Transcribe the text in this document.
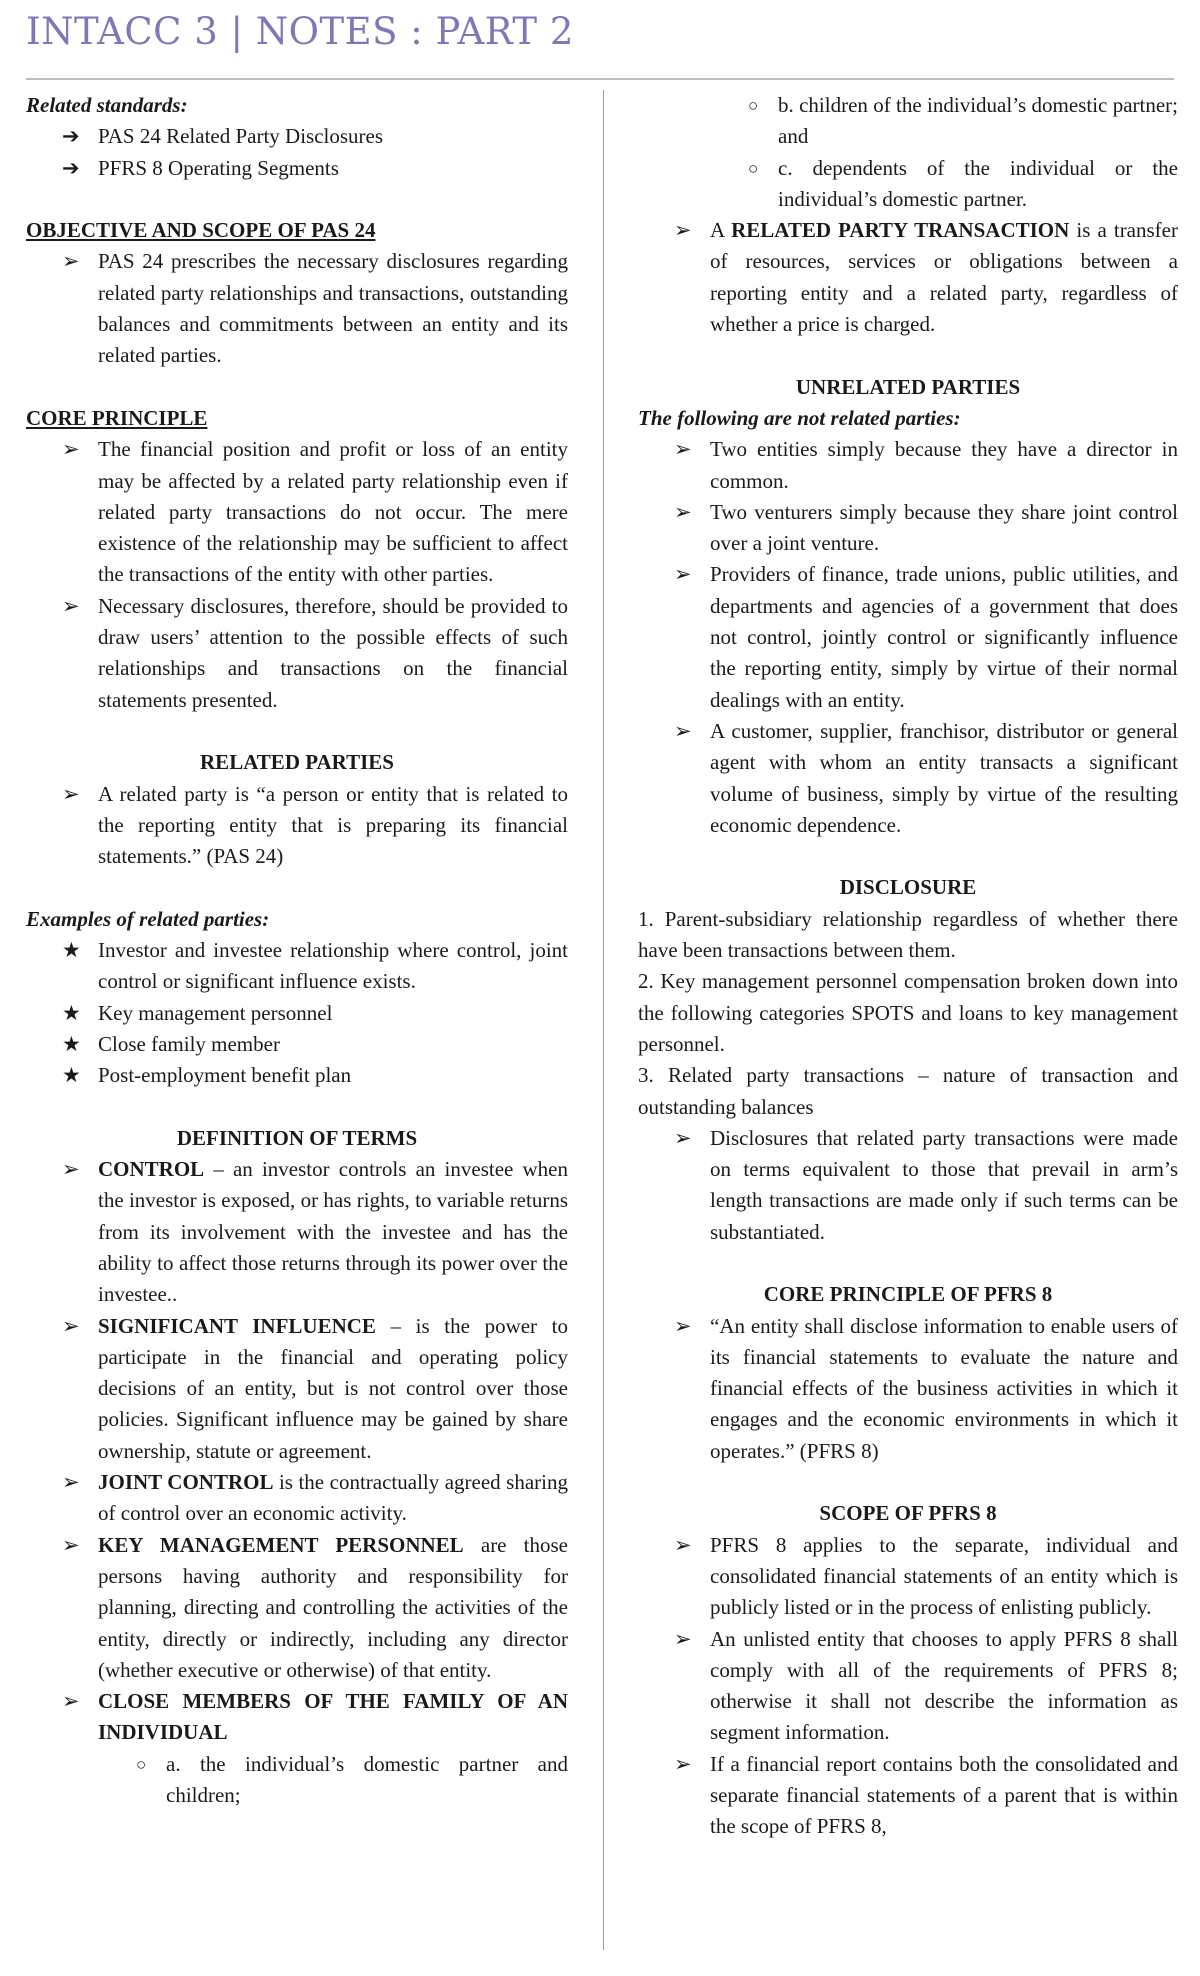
INTACC 3 | NOTES : PART 2

Related standards:

➔ PAS 24 Related Party Disclosures
➔ PFRS 8 Operating Segments

OBJECTIVE AND SCOPE OF PAS 24

➢ PAS 24 prescribes the necessary disclosures regarding related party relationships and transactions, outstanding balances and commitments between an entity and its related parties.

CORE PRINCIPLE

➢ The financial position and profit or loss of an entity may be affected by a related party relationship even if related party transactions do not occur. The mere existence of the relationship may be sufficient to affect the transactions of the entity with other parties.
➢ Necessary disclosures, therefore, should be provided to draw users’ attention to the possible effects of such relationships and transactions on the financial statements presented.

RELATED PARTIES

➢ A related party is “a person or entity that is related to the reporting entity that is preparing its financial statements.” (PAS 24)

Examples of related parties:

★ Investor and investee relationship where control, joint control or significant influence exists.
★ Key management personnel
★ Close family member
★ Post-employment benefit plan

DEFINITION OF TERMS

➢ CONTROL – an investor controls an investee when the investor is exposed, or has rights, to variable returns from its involvement with the investee and has the ability to affect those returns through its power over the investee..
➢ SIGNIFICANT INFLUENCE – is the power to participate in the financial and operating policy decisions of an entity, but is not control over those policies. Significant influence may be gained by share ownership, statute or agreement.
➢ JOINT CONTROL is the contractually agreed sharing of control over an economic activity.
➢ KEY MANAGEMENT PERSONNEL are those persons having authority and responsibility for planning, directing and controlling the activities of the entity, directly or indirectly, including any director (whether executive or otherwise) of that entity.
➢ CLOSE MEMBERS OF THE FAMILY OF AN INDIVIDUAL
○ a. the individual’s domestic partner and children;
○ b. children of the individual’s domestic partner; and
○ c. dependents of the individual or the individual’s domestic partner.
➢ A RELATED PARTY TRANSACTION is a transfer of resources, services or obligations between a reporting entity and a related party, regardless of whether a price is charged.

UNRELATED PARTIES

The following are not related parties:

➢ Two entities simply because they have a director in common.
➢ Two venturers simply because they share joint control over a joint venture.
➢ Providers of finance, trade unions, public utilities, and departments and agencies of a government that does not control, jointly control or significantly influence the reporting entity, simply by virtue of their normal dealings with an entity.
➢ A customer, supplier, franchisor, distributor or general agent with whom an entity transacts a significant volume of business, simply by virtue of the resulting economic dependence.

DISCLOSURE

1. Parent-subsidiary relationship regardless of whether there have been transactions between them.

2. Key management personnel compensation broken down into the following categories SPOTS and loans to key management personnel.

3. Related party transactions – nature of transaction and outstanding balances

➢ Disclosures that related party transactions were made on terms equivalent to those that prevail in arm’s length transactions are made only if such terms can be substantiated.

CORE PRINCIPLE OF PFRS 8

➢ “An entity shall disclose information to enable users of its financial statements to evaluate the nature and financial effects of the business activities in which it engages and the economic environments in which it operates.” (PFRS 8)

SCOPE OF PFRS 8

➢ PFRS 8 applies to the separate, individual and consolidated financial statements of an entity which is publicly listed or in the process of enlisting publicly.
➢ An unlisted entity that chooses to apply PFRS 8 shall comply with all of the requirements of PFRS 8; otherwise it shall not describe the information as segment information.
➢ If a financial report contains both the consolidated and separate financial statements of a parent that is within the scope of PFRS 8,
